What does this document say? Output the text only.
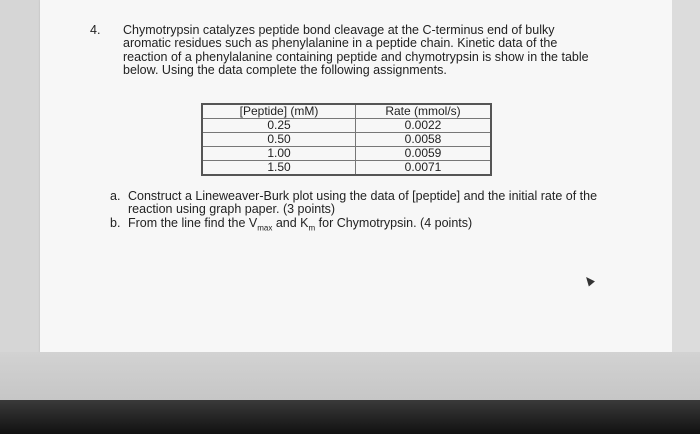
4. Chymotrypsin catalyzes peptide bond cleavage at the C-terminus end of bulky
aromatic residues such as phenylalanine in a peptide chain. Kinetic data of the
reaction of a phenylalanine containing peptide and chymotrypsin is show in the table
below. Using the data complete the following assignments.
[Peptide] (mM)	Rate (mmol/s)
0.25	0.0022
0.50	0.0058
1.00	0.0059
1.50	0.0071
a. Construct a Lineweaver-Burk plot using the data of [peptide] and the initial rate of the
reaction using graph paper. (3 points)
b. From the line find the $V_{max}$ and $K_m$ for Chymotrypsin. (4 points)
